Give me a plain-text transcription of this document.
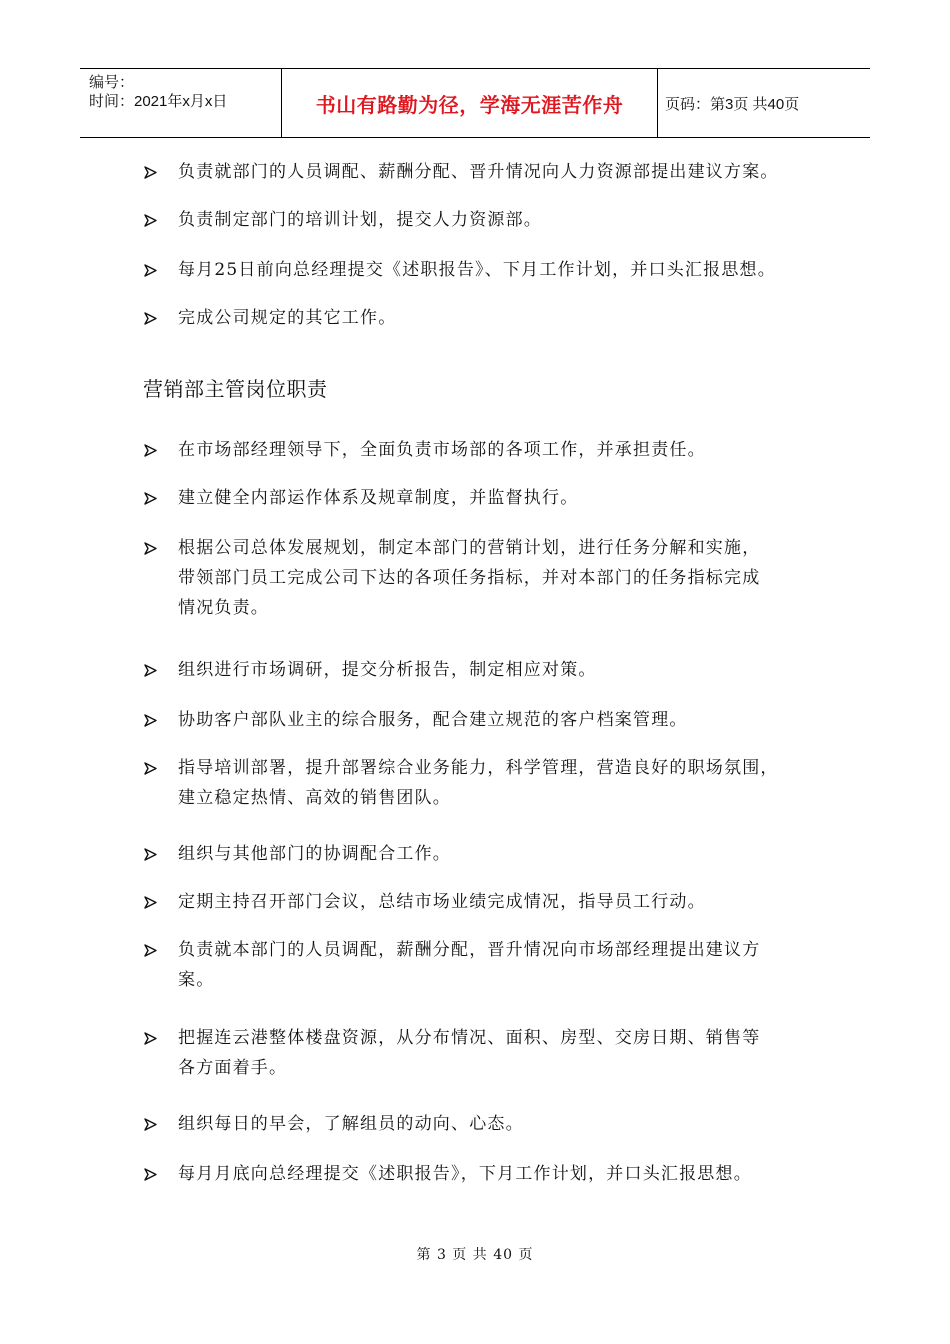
编号：
时间：2021年x月x日	书山有路勤为径，学海无涯苦作舟	页码：第3页 共40页
负责就部门的人员调配、薪酬分配、晋升情况向人力资源部提出建议方案。
负责制定部门的培训计划，提交人力资源部。
每月25日前向总经理提交《述职报告》、下月工作计划，并口头汇报思想。
完成公司规定的其它工作。
营销部主管岗位职责
在市场部经理领导下，全面负责市场部的各项工作，并承担责任。
建立健全内部运作体系及规章制度，并监督执行。
根据公司总体发展规划，制定本部门的营销计划，进行任务分解和实施，
带领部门员工完成公司下达的各项任务指标，并对本部门的任务指标完成
情况负责。
组织进行市场调研，提交分析报告，制定相应对策。
协助客户部队业主的综合服务，配合建立规范的客户档案管理。
指导培训部署，提升部署综合业务能力，科学管理，营造良好的职场氛围，
建立稳定热情、高效的销售团队。
组织与其他部门的协调配合工作。
定期主持召开部门会议，总结市场业绩完成情况，指导员工行动。
负责就本部门的人员调配，薪酬分配，晋升情况向市场部经理提出建议方
案。
把握连云港整体楼盘资源，从分布情况、面积、房型、交房日期、销售等
各方面着手。
组织每日的早会，了解组员的动向、心态。
每月月底向总经理提交《述职报告》，下月工作计划，并口头汇报思想。
第 3 页 共 40 页
